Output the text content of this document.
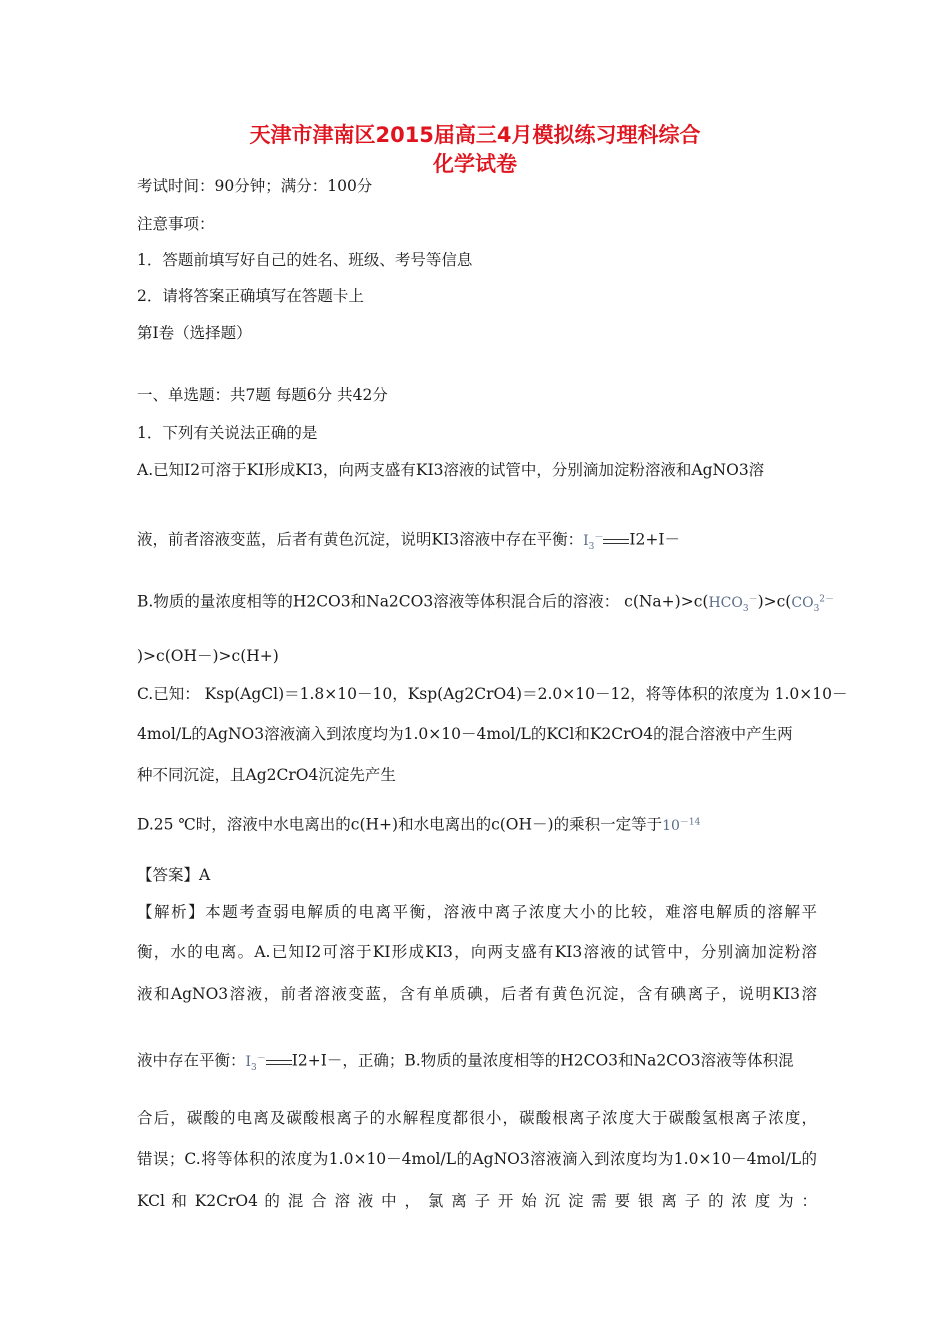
天津市津南区2015届高三4月模拟练习理科综合
化学试卷
考试时间：90分钟；满分：100分
注意事项：
1．答题前填写好自己的姓名、班级、考号等信息
2．请将答案正确填写在答题卡上
第I卷（选择题）
一、单选题：共7题 每题6分 共42分
1．下列有关说法正确的是
A.已知I2可溶于KI形成KI3，向两支盛有KI3溶液的试管中，分别滴加淀粉溶液和AgNO3溶
液，前者溶液变蓝，后者有黄色沉淀，说明KI3溶液中存在平衡：$I_3^-$ I2+I－
B.物质的量浓度相等的H2CO3和Na2CO3溶液等体积混合后的溶液： $c(Na+)>c(HCO_3^-)>c(CO_3^{2-}$
)>c(OH－)>c(H+)
C.已知： Ksp(AgCl)＝1.8×10－10，Ksp(Ag2CrO4)＝2.0×10－12，将等体积的浓度为 1.0×10－
4mol/L的AgNO3溶液滴入到浓度均为1.0×10－4mol/L的KCl和K2CrO4的混合溶液中产生两
种不同沉淀，且Ag2CrO4沉淀先产生
D.25 ℃时，溶液中水电离出的c(H+)和水电离出的c(OH－)的乘积一定等于$10^{-14}$
【答案】A
【解析】本题考查弱电解质的电离平衡，溶液中离子浓度大小的比较，难溶电解质的溶解平
衡，水的电离。A.已知I2可溶于KI形成KI3，向两支盛有KI3溶液的试管中，分别滴加淀粉溶
液和AgNO3溶液，前者溶液变蓝，含有单质碘，后者有黄色沉淀，含有碘离子，说明KI3溶
液中存在平衡：$I_3^-$ I2+I－，正确；B.物质的量浓度相等的H2CO3和Na2CO3溶液等体积混
合后，碳酸的电离及碳酸根离子的水解程度都很小，碳酸根离子浓度大于碳酸氢根离子浓度，
错误；C.将等体积的浓度为1.0×10－4mol/L的AgNO3溶液滴入到浓度均为1.0×10－4mol/L的
KCl 和 K2CrO4 的 混 合 溶 液 中 ， 氯 离 子 开 始 沉 淀 需 要 银 离 子 的 浓 度 为 ：
